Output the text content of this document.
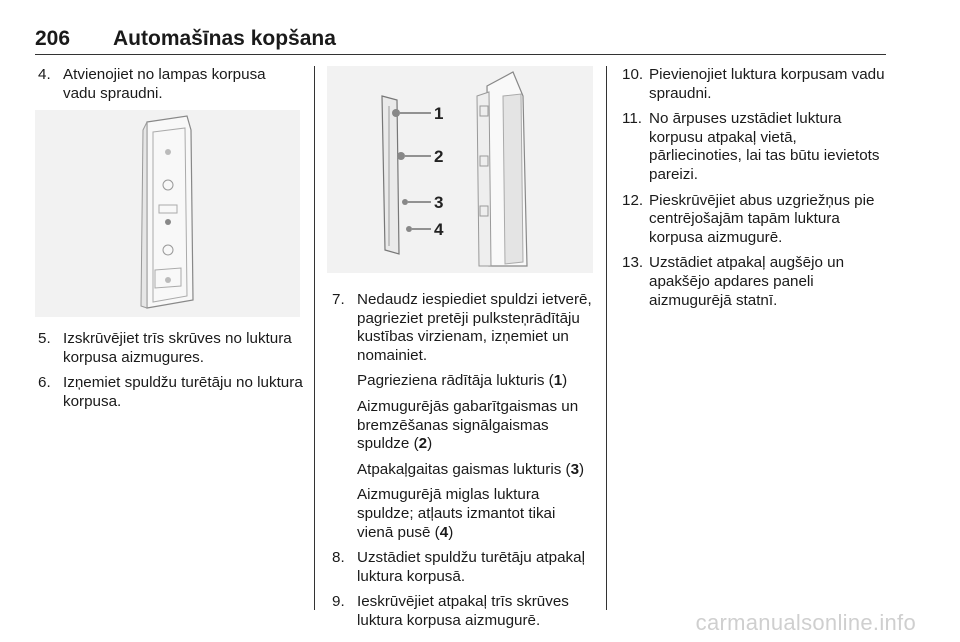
206 Automašīnas kopšana
4. Atvienojiet no lampas korpusa vadu spraudni.
5. Izskrūvējiet trīs skrūves no luktura korpusa aizmugures.
6. Izņemiet spuldžu turētāju no luktura korpusa.
1
2
3
4
7. Nedaudz iespiediet spuldzi ietverē, pagrieziet pretēji pulksteņrādītāju kustības virzienam, izņemiet un nomainiet.
Pagrieziena rādītāja lukturis (1)
Aizmugurējās gabarītgaismas un bremzēšanas signālgaismas spuldze (2)
Atpakaļgaitas gaismas lukturis (3)
Aizmugurējā miglas luktura spuldze; atļauts izmantot tikai vienā pusē (4)
8. Uzstādiet spuldžu turētāju atpakaļ luktura korpusā.
9. Ieskrūvējiet atpakaļ trīs skrūves luktura korpusa aizmugurē.
10. Pievienojiet luktura korpusam vadu spraudni.
11. No ārpuses uzstādiet luktura korpusu atpakaļ vietā, pārliecinoties, lai tas būtu ievietots pareizi.
12. Pieskrūvējiet abus uzgriežņus pie centrējošajām tapām luktura korpusa aizmugurē.
13. Uzstādiet atpakaļ augšējo un apakšējo apdares paneli aizmugurējā statnī.
carmanualsonline.info
